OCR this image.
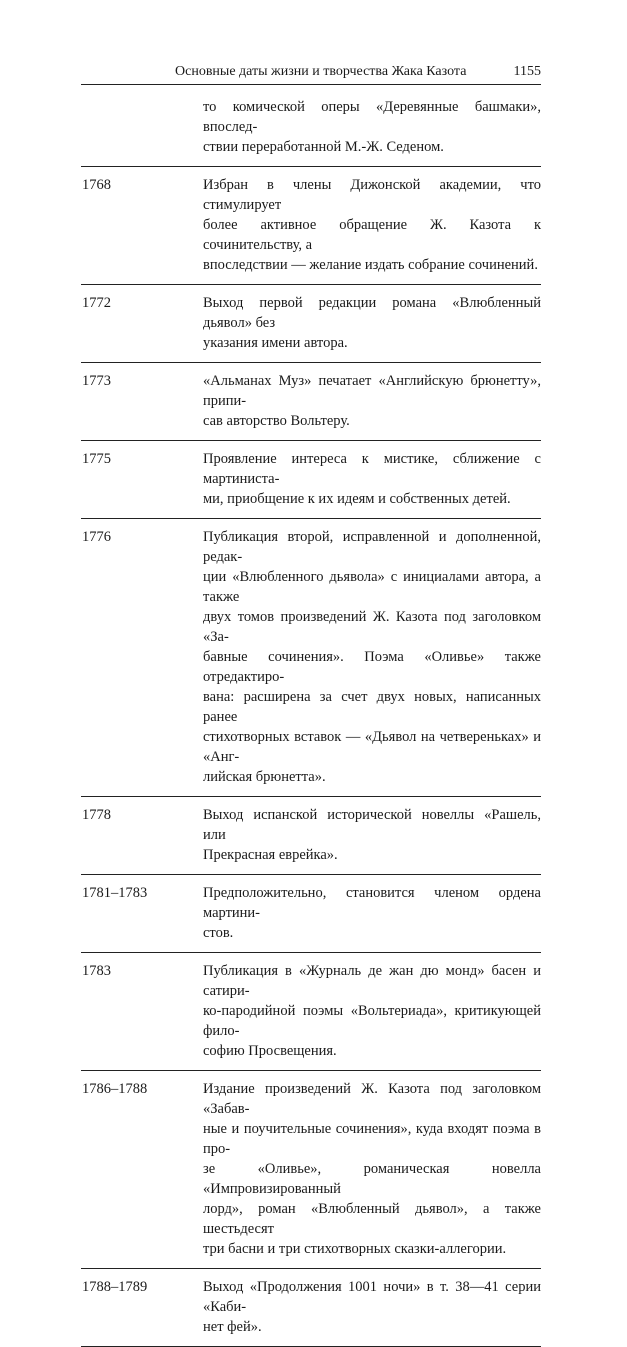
Основные даты жизни и творчества Жака Казота	1155
то комической оперы «Деревянные башмаки», впослед-
ствии переработанной М.-Ж. Седеном.
1768	Избран в члены Дижонской академии, что стимулирует
более активное обращение Ж. Казота к сочинительству, а
впоследствии — желание издать собрание сочинений.
1772	Выход первой редакции романа «Влюбленный дьявол» без
указания имени автора.
1773	«Альманах Муз» печатает «Английскую брюнетту», припи-
сав авторство Вольтеру.
1775	Проявление интереса к мистике, сближение с мартиниста-
ми, приобщение к их идеям и собственных детей.
1776	Публикация второй, исправленной и дополненной, редак-
ции «Влюбленного дьявола» с инициалами автора, а также
двух томов произведений Ж. Казота под заголовком «За-
бавные сочинения». Поэма «Оливье» также отредактиро-
вана: расширена за счет двух новых, написанных ранее
стихотворных вставок — «Дьявол на четвереньках» и «Анг-
лийская брюнетта».
1778	Выход испанской исторической новеллы «Рашель, или
Прекрасная еврейка».
1781–1783	Предположительно, становится членом ордена мартини-
стов.
1783	Публикация в «Журналь де жан дю монд» басен и сатири-
ко-пародийной поэмы «Вольтериада», критикующей фило-
софию Просвещения.
1786–1788	Издание произведений Ж. Казота под заголовком «Забав-
ные и поучительные сочинения», куда входят поэма в про-
зе «Оливье», романическая новелла «Импровизированный
лорд», роман «Влюбленный дьявол», а также шестьдесят
три басни и три стихотворных сказки-аллегории.
1788–1789	Выход «Продолжения 1001 ночи» в т. 38—41 серии «Каби-
нет фей».
